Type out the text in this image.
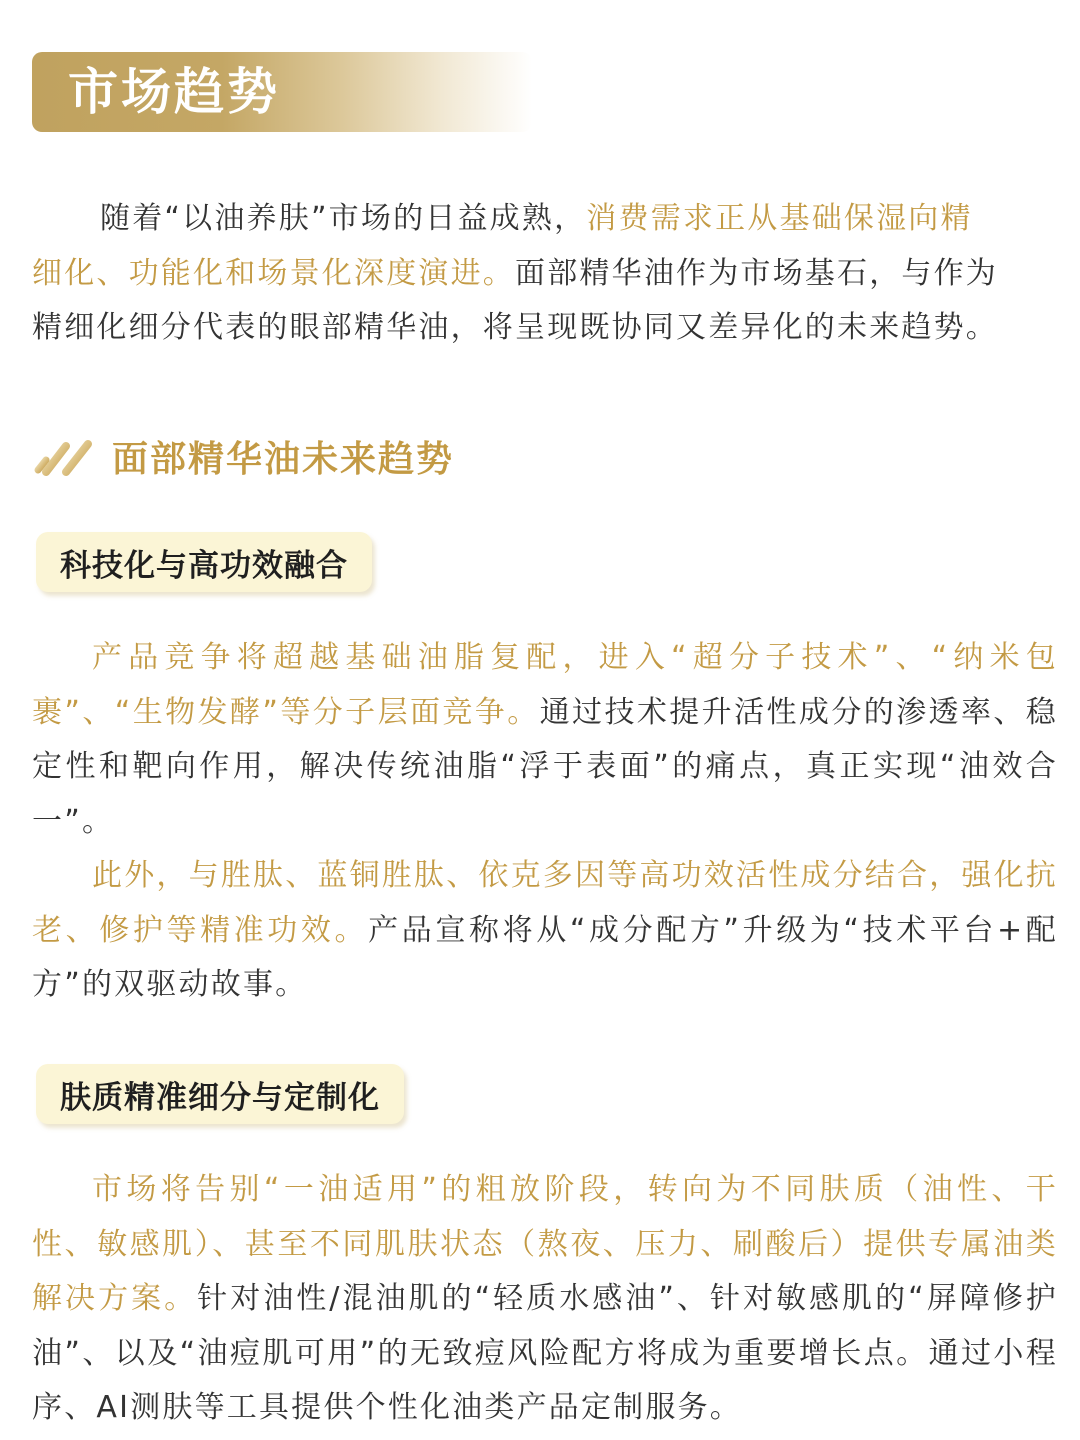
市场趋势
随着“以油养肤”市场的日益成熟，消费需求正从基础保湿向精
细化、功能化和场景化深度演进。面部精华油作为市场基石，与作为
精细化细分代表的眼部精华油，将呈现既协同又差异化的未来趋势。
面部精华油未来趋势
科技化与高功效融合

产品竞争将超越基础油脂复配，进入“超分子技术”、“纳米包裹”、“生物发酵”等分子层面竞争。通过技术提升活性成分的渗透率、稳定性和靶向作用，解决传统油脂“浮于表面”的痛点，真正实现“油效合一”。

此外，与胜肽、蓝铜胜肽、依克多因等高功效活性成分结合，强化抗老、修护等精准功效。产品宣称将从“成分配方”升级为“技术平台+配方”的双驱动故事。

肤质精准细分与定制化

市场将告别“一油适用”的粗放阶段，转向为不同肤质（油性、干性、敏感肌）、甚至不同肌肤状态（熬夜、压力、刷酸后）提供专属油类解决方案。针对油性/混油肌的“轻质水感油”、针对敏感肌的“屏障修护油”、以及“油痘肌可用”的无致痘风险配方将成为重要增长点。通过小程序、AI测肤等工具提供个性化油类产品定制服务。
